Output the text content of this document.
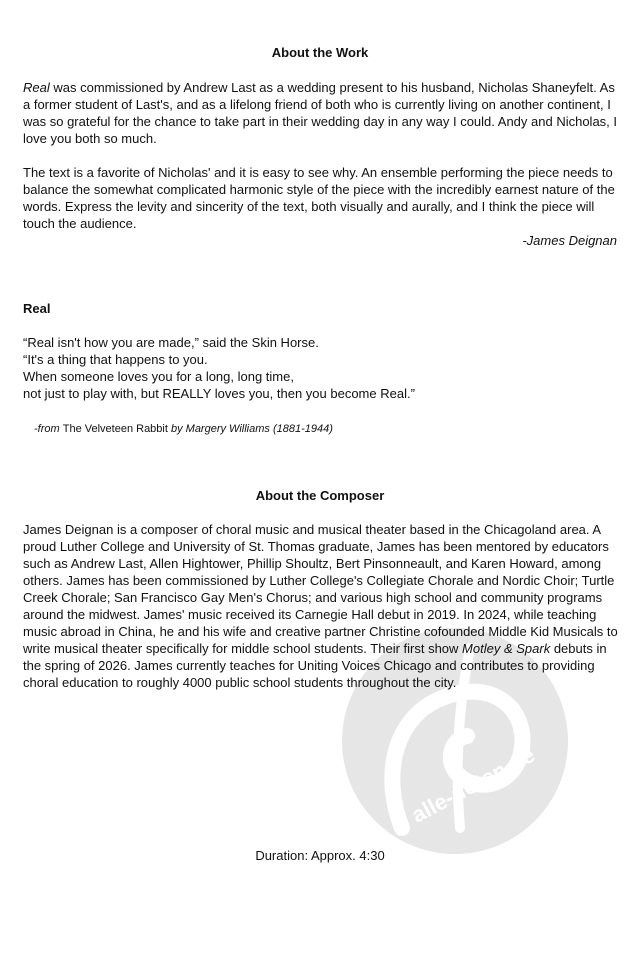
alle-noten.de
About the Work
Real was commissioned by Andrew Last as a wedding present to his husband, Nicholas Shaneyfelt. As a former student of Last's, and as a lifelong friend of both who is currently living on another continent, I was so grateful for the chance to take part in their wedding day in any way I could. Andy and Nicholas, I love you both so much.
The text is a favorite of Nicholas' and it is easy to see why. An ensemble performing the piece needs to balance the somewhat complicated harmonic style of the piece with the incredibly earnest nature of the words. Express the levity and sincerity of the text, both visually and aurally, and I think the piece will touch the audience.
-James Deignan
Real
“Real isn't how you are made,” said the Skin Horse.
“It's a thing that happens to you.
When someone loves you for a long, long time,
not just to play with, but REALLY loves you, then you become Real.”
-from The Velveteen Rabbit by Margery Williams (1881-1944)
About the Composer
James Deignan is a composer of choral music and musical theater based in the Chicagoland area. A proud Luther College and University of St. Thomas graduate, James has been mentored by educators such as Andrew Last, Allen Hightower, Phillip Shoultz, Bert Pinsonneault, and Karen Howard, among others. James has been commissioned by Luther College's Collegiate Chorale and Nordic Choir; Turtle Creek Chorale; San Francisco Gay Men's Chorus; and various high school and community programs around the midwest. James' music received its Carnegie Hall debut in 2019. In 2024, while teaching music abroad in China, he and his wife and creative partner Christine cofounded Middle Kid Musicals to write musical theater specifically for middle school students. Their first show Motley & Spark debuts in the spring of 2026. James currently teaches for Uniting Voices Chicago and contributes to providing choral education to roughly 4000 public school students throughout the city.
Duration: Approx. 4:30
